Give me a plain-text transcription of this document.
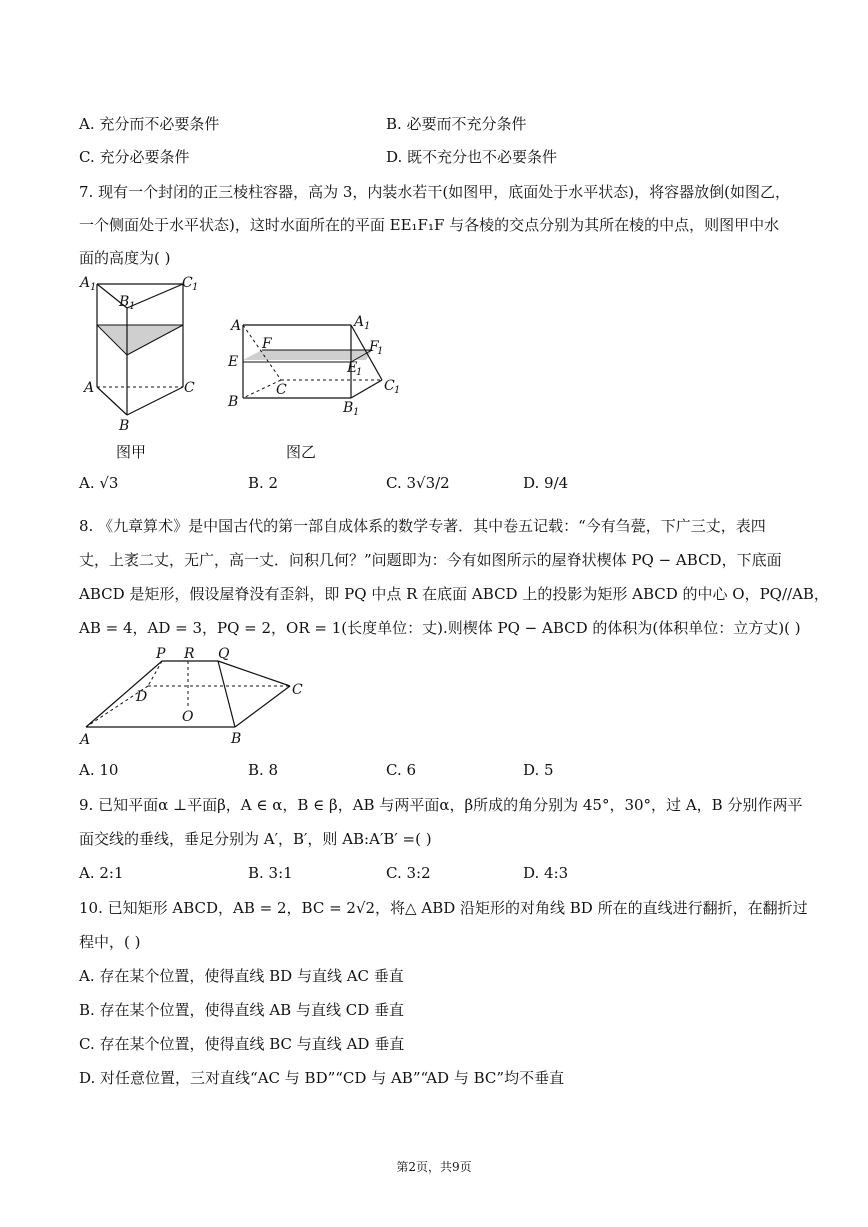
A. 充分而不必要条件	B. 必要而不充分条件
C. 充分必要条件	D. 既不充分也不必要条件
7. 现有一个封闭的正三棱柱容器，高为 3，内装水若干(如图甲，底面处于水平状态)，将容器放倒(如图乙，
一个侧面处于水平状态)，这时水面所在的平面 EE₁F₁F 与各棱的交点分别为其所在棱的中点，则图甲中水
面的高度为( )
A 1
B 1
C 1
A	C
B
图甲
A	A 1
F	F
1
E	E
1
C	C 1
B	B 1
图乙
A. √3	B. 2	C. 3√3/2	D. 9/4
8. 《九章算术》是中国古代的第一部自成体系的数学专著．其中卷五记载：“今有刍甍，下广三丈，表四
丈，上袤二丈，无广，高一丈．问积几何？”问题即为：今有如图所示的屋脊状楔体 PQ − ABCD，下底面
ABCD 是矩形，假设屋脊没有歪斜，即 PQ 中点 R 在底面 ABCD 上的投影为矩形 ABCD 的中心 O，PQ//AB，
AB = 4，AD = 3，PQ = 2，OR = 1(长度单位：丈).则楔体 PQ − ABCD 的体积为(体积单位：立方丈)( )
P R Q
D
O
C
A	B
A. 10	B. 8	C. 6	D. 5
9. 已知平面α ⊥平面β，A ∈ α，B ∈ β，AB 与两平面α，β所成的角分别为 45°，30°，过 A，B 分别作两平
面交线的垂线，垂足分别为 A′，B′，则 AB:A′B′ =( )
A. 2:1	B. 3:1	C. 3:2	D. 4:3
10. 已知矩形 ABCD，AB = 2，BC = 2√2，将△ ABD 沿矩形的对角线 BD 所在的直线进行翻折，在翻折过
程中，( )
A. 存在某个位置，使得直线 BD 与直线 AC 垂直
B. 存在某个位置，使得直线 AB 与直线 CD 垂直
C. 存在某个位置，使得直线 BC 与直线 AD 垂直
D. 对任意位置，三对直线“AC 与 BD”“CD 与 AB”“AD 与 BC”均不垂直
第2页，共9页
